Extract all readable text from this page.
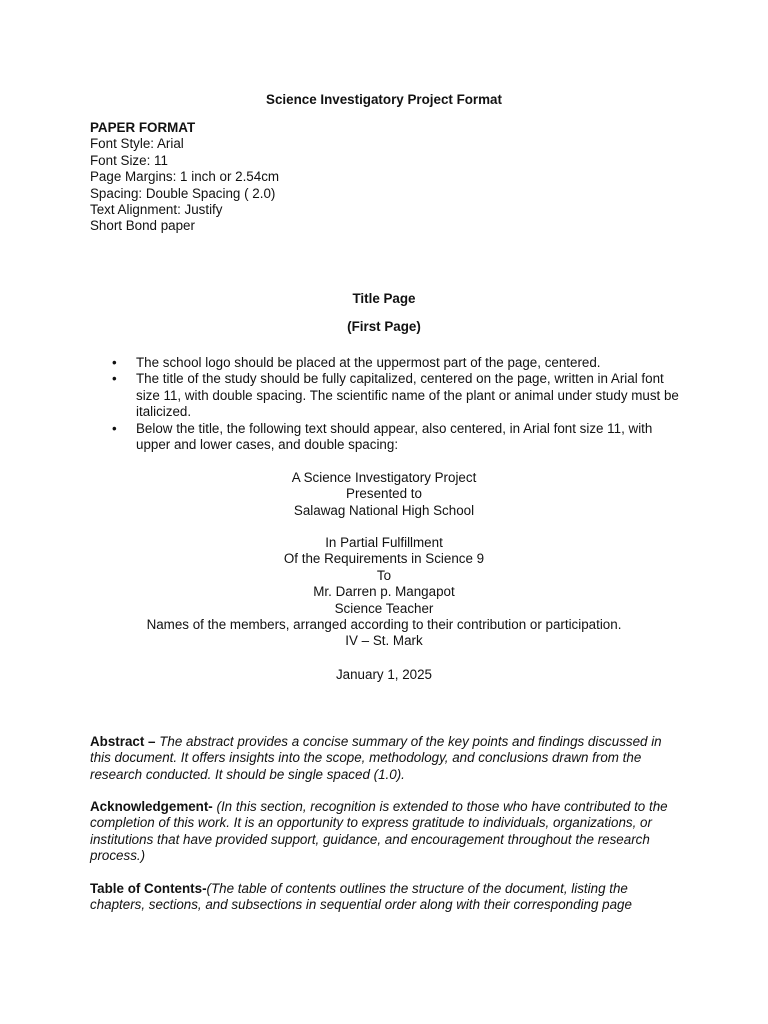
Science Investigatory Project Format
PAPER FORMAT
Font Style: Arial
Font Size: 11
Page Margins: 1 inch or 2.54cm
Spacing: Double Spacing ( 2.0)
Text Alignment: Justify
Short Bond paper
Title Page
(First Page)
• The school logo should be placed at the uppermost part of the page, centered.
• The title of the study should be fully capitalized, centered on the page, written in Arial font size 11, with double spacing. The scientific name of the plant or animal under study must be italicized.
• Below the title, the following text should appear, also centered, in Arial font size 11, with upper and lower cases, and double spacing:
A Science Investigatory Project
Presented to
Salawag National High School
In Partial Fulfillment
Of the Requirements in Science 9
To
Mr. Darren p. Mangapot
Science Teacher
Names of the members, arranged according to their contribution or participation.
IV – St. Mark
January 1, 2025
Abstract – The abstract provides a concise summary of the key points and findings discussed in this document. It offers insights into the scope, methodology, and conclusions drawn from the research conducted. It should be single spaced (1.0).
Acknowledgement- (In this section, recognition is extended to those who have contributed to the completion of this work. It is an opportunity to express gratitude to individuals, organizations, or institutions that have provided support, guidance, and encouragement throughout the research process.)
Table of Contents-(The table of contents outlines the structure of the document, listing the chapters, sections, and subsections in sequential order along with their corresponding page
